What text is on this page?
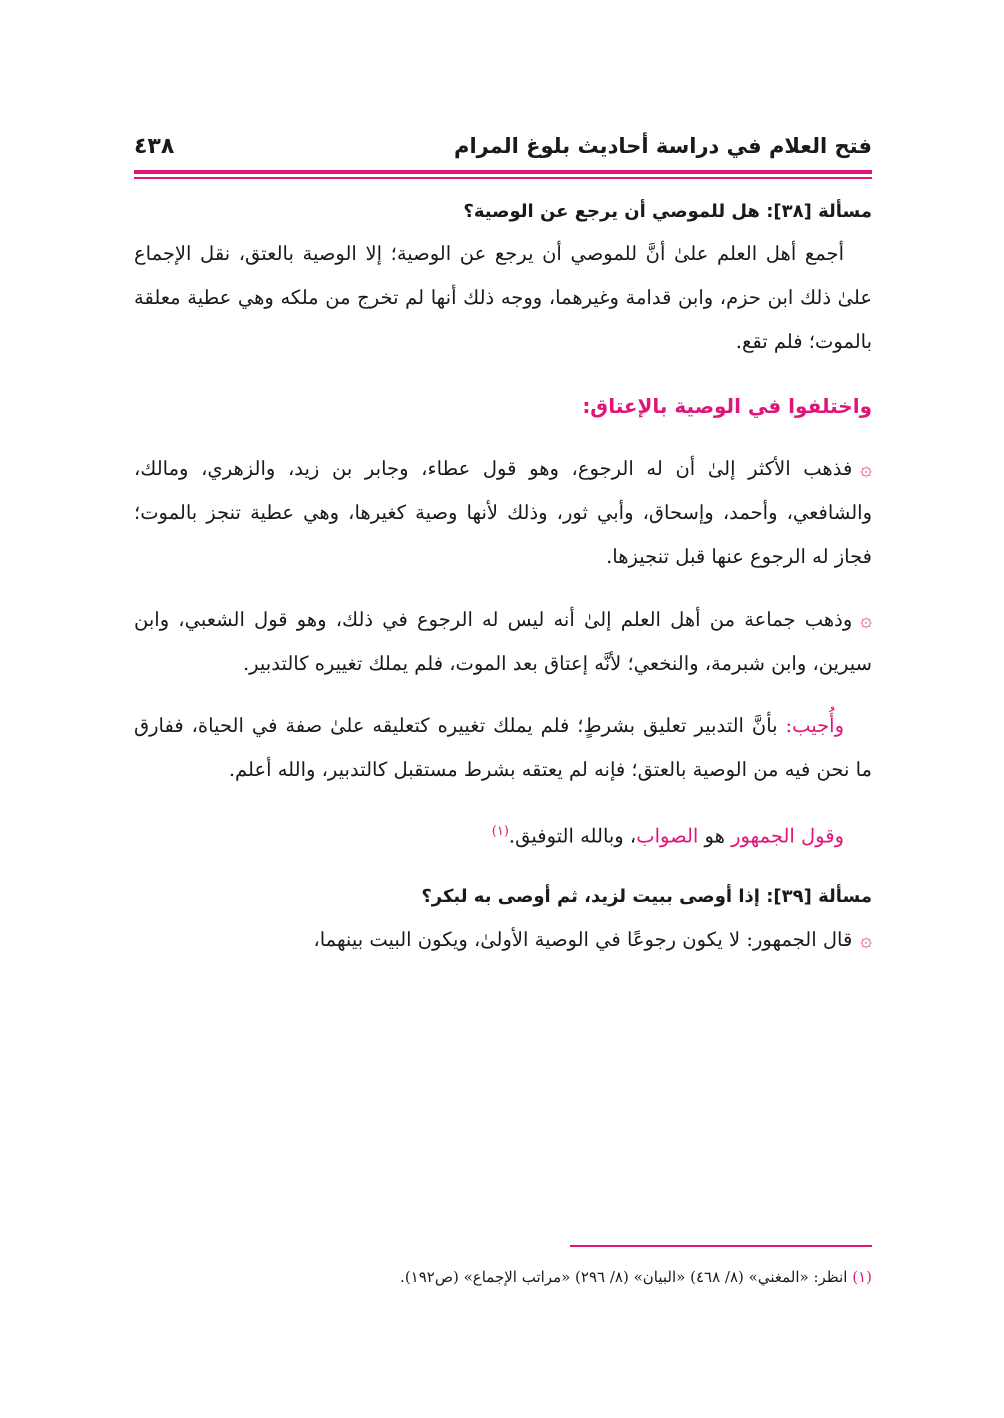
فتح العلام في دراسة أحاديث بلوغ المرام
٤٣٨

مسألة [٣٨]: هل للموصي أن يرجع عن الوصية؟

أجمع أهل العلم علىٰ أنَّ للموصي أن يرجع عن الوصية؛ إلا الوصية بالعتق، نقل الإجماع علىٰ ذلك ابن حزم، وابن قدامة وغيرهما، ووجه ذلك أنها لم تخرج من ملكه وهي عطية معلقة بالموت؛ فلم تقع.

واختلفوا في الوصية بالإعتاق:

۞فذهب الأكثر إلىٰ أن له الرجوع، وهو قول عطاء، وجابر بن زيد، والزهري، ومالك، والشافعي، وأحمد، وإسحاق، وأبي ثور، وذلك لأنها وصية كغيرها، وهي عطية تنجز بالموت؛ فجاز له الرجوع عنها قبل تنجيزها.

۞وذهب جماعة من أهل العلم إلىٰ أنه ليس له الرجوع في ذلك، وهو قول الشعبي، وابن سيرين، وابن شبرمة، والنخعي؛ لأنَّه إعتاق بعد الموت، فلم يملك تغييره كالتدبير.

وأُجيب: بأنَّ التدبير تعليق بشرطٍ؛ فلم يملك تغييره كتعليقه علىٰ صفة في الحياة، ففارق ما نحن فيه من الوصية بالعتق؛ فإنه لم يعتقه بشرط مستقبل كالتدبير، والله أعلم.

وقول الجمهور هو الصواب، وبالله التوفيق.$^{(١)}$

مسألة [٣٩]: إذا أوصى ببيت لزيد، ثم أوصى به لبكر؟

۞قال الجمهور: لا يكون رجوعًا في الوصية الأولىٰ، ويكون البيت بينهما،

(١) انظر: «المغني» (٨/ ٤٦٨) «البيان» (٨/ ٢٩٦) «مراتب الإجماع» (ص١٩٢).
